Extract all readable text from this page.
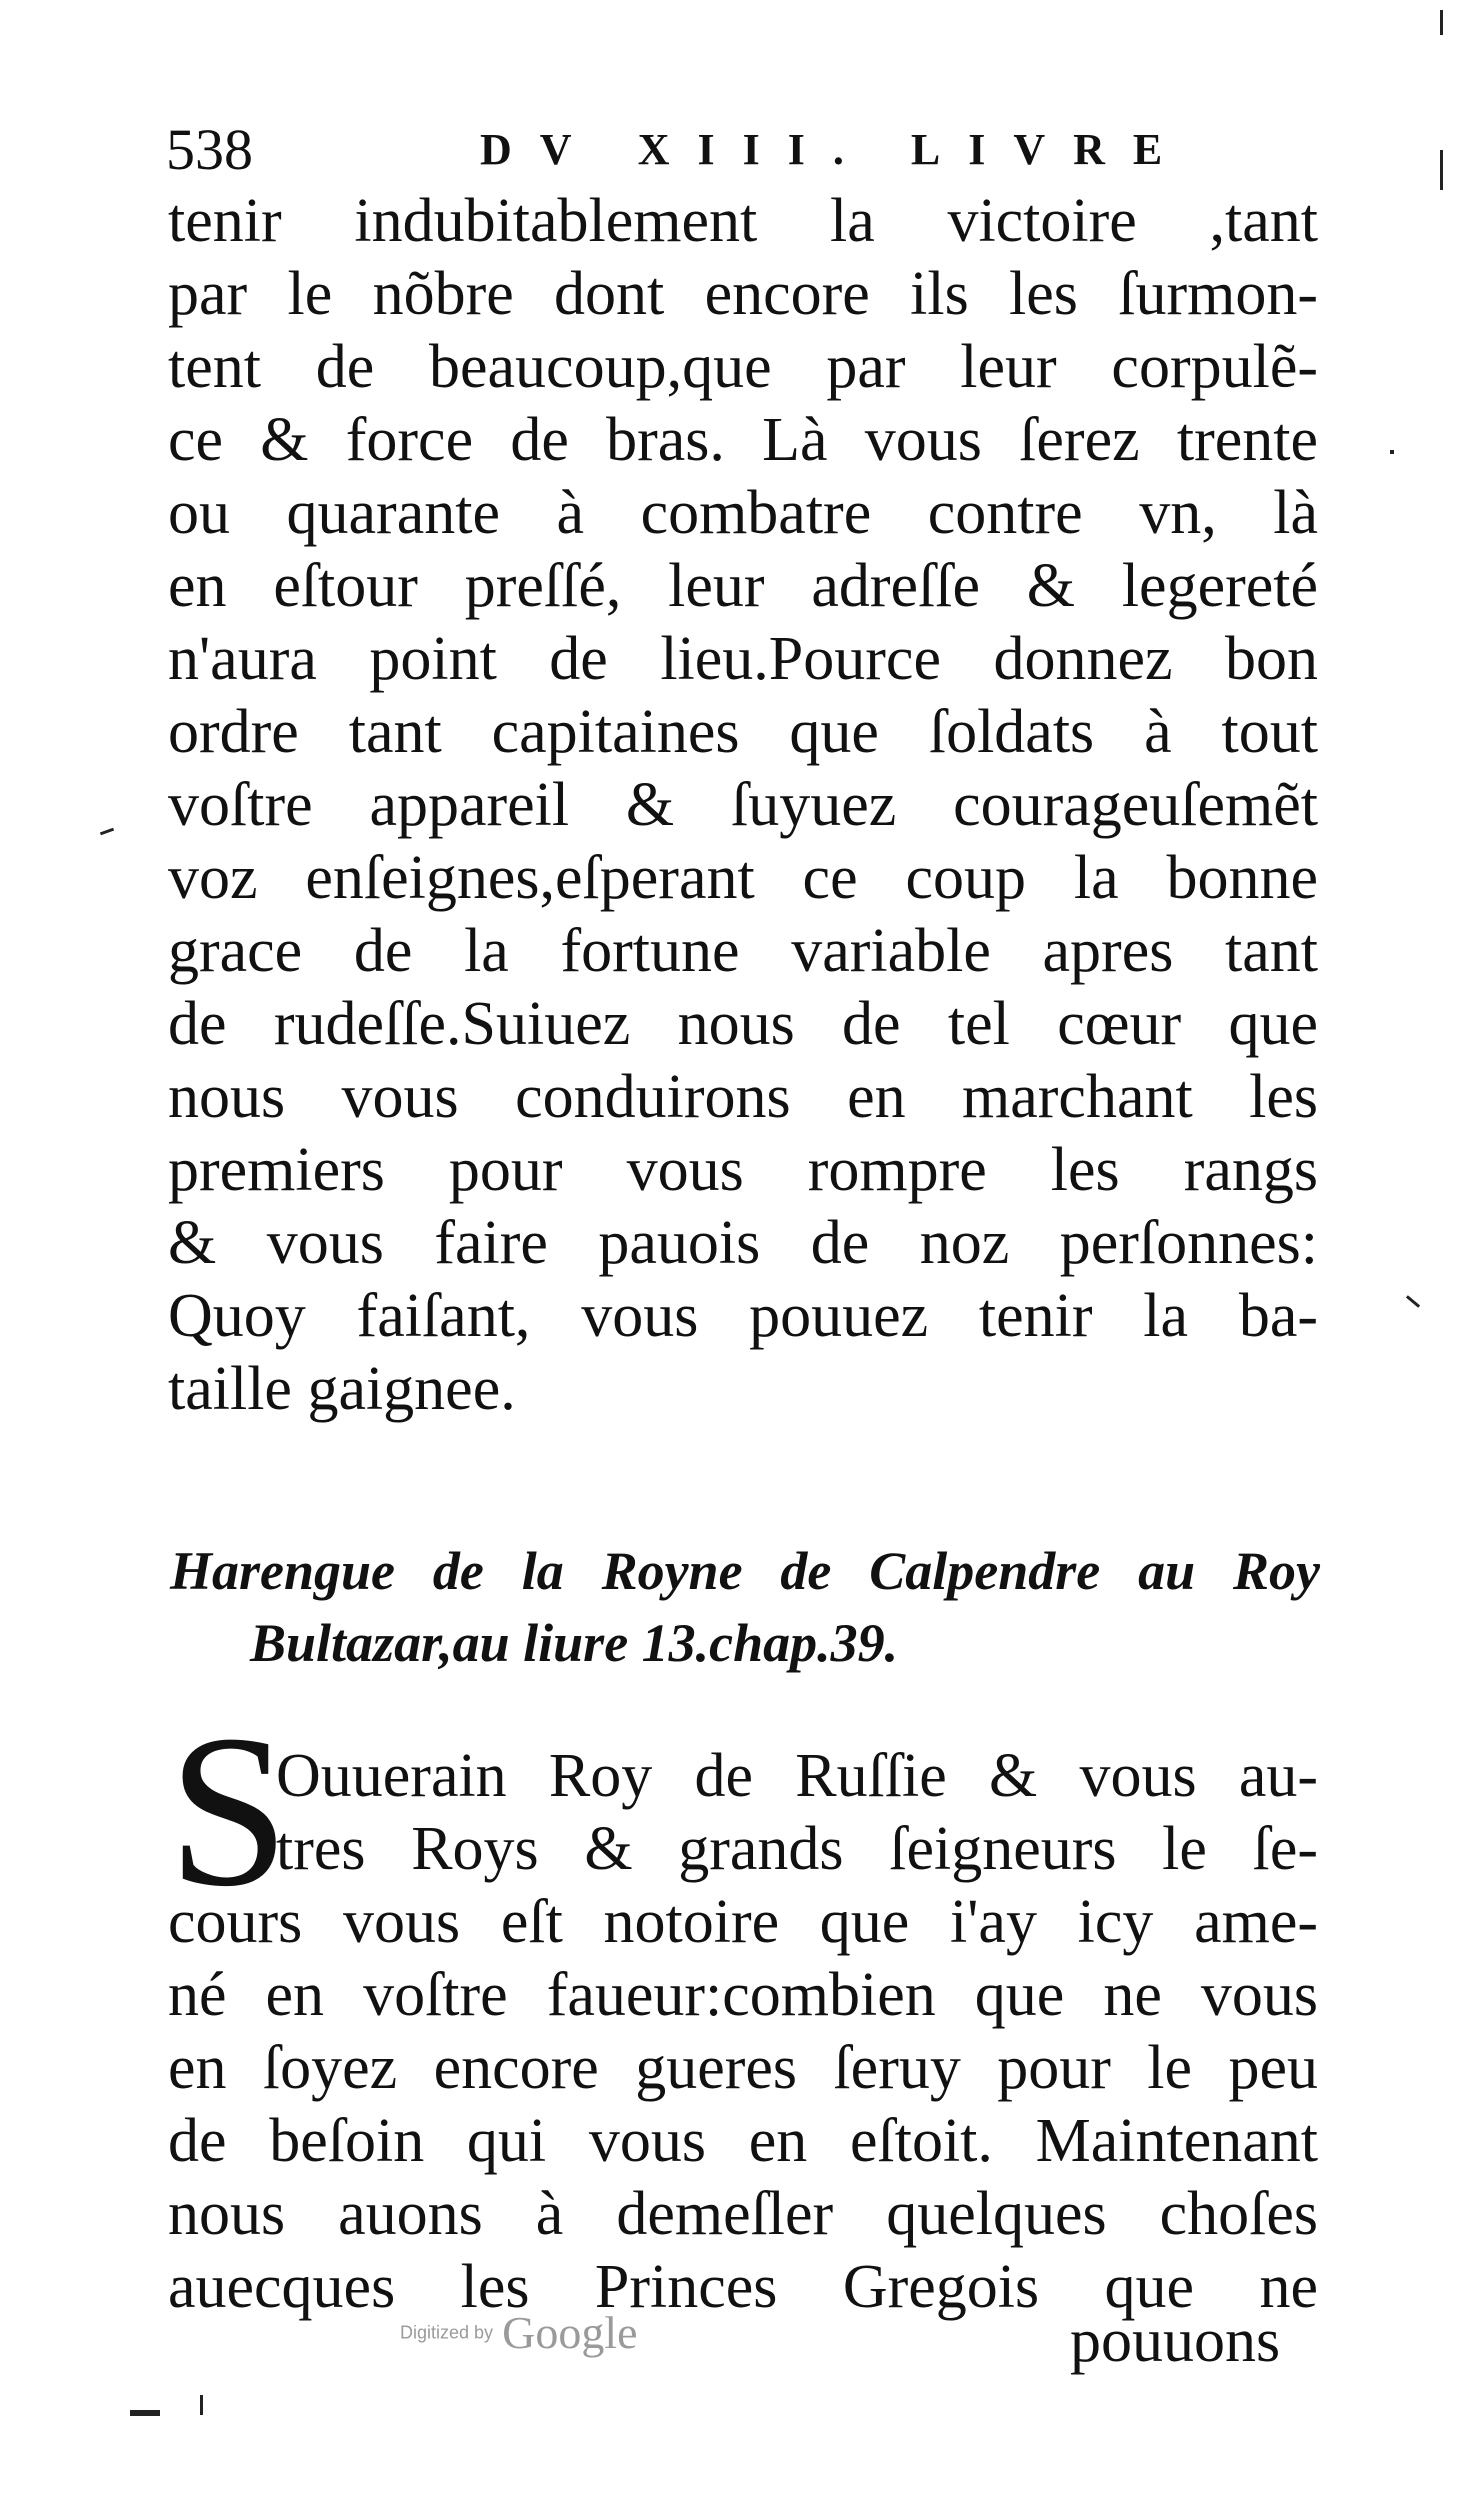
538	DV XIII. LIVRE
tenir indubitablement la victoire ,tant
par le nõbre dont encore ils les ſurmon-
tent de beaucoup,que par leur corpulẽ-
ce & force de bras. Là vous ſerez trente
ou quarante à combatre contre vn, là
en eſtour preſſé, leur adreſſe & legereté
n'aura point de lieu.Pource donnez bon
ordre tant capitaines que ſoldats à tout
voſtre appareil & ſuyuez courageuſemẽt
voz enſeignes,eſperant ce coup la bonne
grace de la fortune variable apres tant
de rudeſſe.Suiuez nous de tel cœur que
nous vous conduirons en marchant les
premiers pour vous rompre les rangs
& vous faire pauois de noz perſonnes:
Quoy faiſant, vous pouuez tenir la ba-
taille gaignee.
Harengue de la Royne de Calpendre au Roy
Bultazar,au liure 13.chap.39.
S
Ouuerain Roy de Ruſſie & vous au-
tres Roys & grands ſeigneurs le ſe-
cours vous eſt notoire que i'ay icy ame-
né en voſtre faueur:combien que ne vous
en ſoyez encore gueres ſeruy pour le peu
de beſoin qui vous en eſtoit. Maintenant
nous auons à demeſler quelques choſes
auecques les Princes Gregois que ne
Digitized by Google	pouuons
